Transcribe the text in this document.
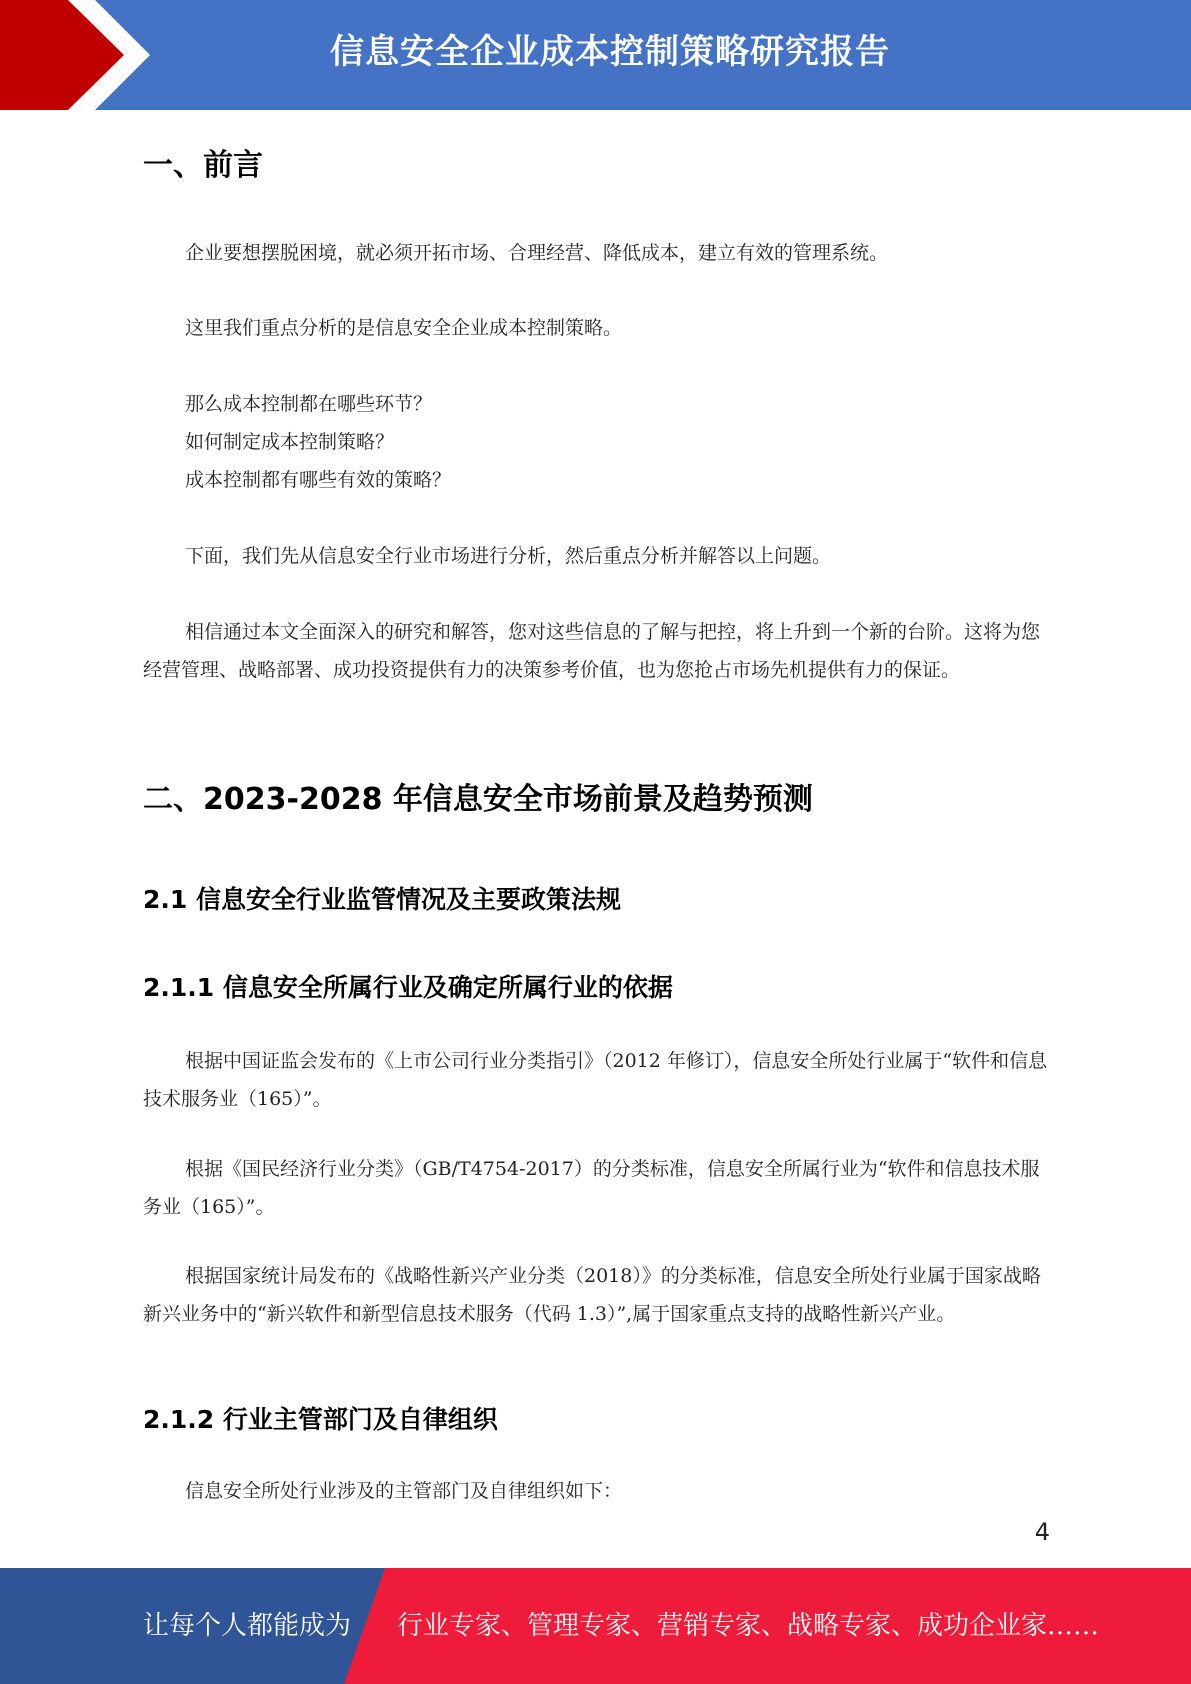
信息安全企业成本控制策略研究报告
一、前言

企业要想摆脱困境，就必须开拓市场、合理经营、降低成本，建立有效的管理系统。

这里我们重点分析的是信息安全企业成本控制策略。

那么成本控制都在哪些环节？

如何制定成本控制策略？

成本控制都有哪些有效的策略？

下面，我们先从信息安全行业市场进行分析，然后重点分析并解答以上问题。

相信通过本文全面深入的研究和解答，您对这些信息的了解与把控，将上升到一个新的台阶。这将为您经营管理、战略部署、成功投资提供有力的决策参考价值，也为您抢占市场先机提供有力的保证。

二、2023-2028 年信息安全市场前景及趋势预测
2.1 信息安全行业监管情况及主要政策法规
2.1.1 信息安全所属行业及确定所属行业的依据

根据中国证监会发布的《上市公司行业分类指引》（2012 年修订），信息安全所处行业属于“软件和信息技术服务业（165）”。

根据《国民经济行业分类》（GB/T4754-2017）的分类标准，信息安全所属行业为“软件和信息技术服务业（165）”。

根据国家统计局发布的《战略性新兴产业分类（2018）》的分类标准，信息安全所处行业属于国家战略新兴业务中的“新兴软件和新型信息技术服务（代码 1.3）”,属于国家重点支持的战略性新兴产业。

2.1.2 行业主管部门及自律组织

信息安全所处行业涉及的主管部门及自律组织如下：

4
让每个人都能成为 行业专家、管理专家、营销专家、战略专家、成功企业家……
